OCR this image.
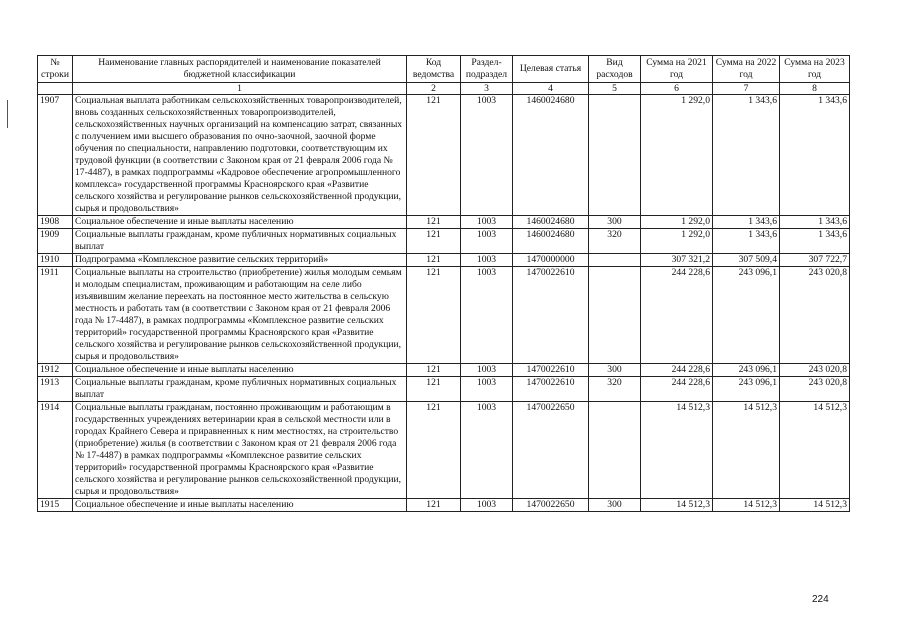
№ строки	Наименование главных распорядителей и наименование показателей бюджетной классификации	Код ведомства	Раздел-подраздел	Целевая статья	Вид расходов	Сумма на 2021 год	Сумма на 2022 год	Сумма на 2023 год
	1	2	3	4	5	6	7	8
1907	Социальная выплата работникам сельскохозяйственных товаропроизводителей, вновь созданных сельскохозяйственных товаропроизводителей, сельскохозяйственных научных организаций на компенсацию затрат, связанных с получением ими высшего образования по очно-заочной, заочной форме обучения по специальности, направлению подготовки, соответствующим их трудовой функции (в соответствии с Законом края от 21 февраля 2006 года № 17-4487), в рамках подпрограммы «Кадровое обеспечение агропромышленного комплекса» государственной программы Красноярского края «Развитие сельского хозяйства и регулирование рынков сельскохозяйственной продукции, сырья и продовольствия»	121	1003	1460024680		1 292,0	1 343,6	1 343,6
1908	Социальное обеспечение и иные выплаты населению	121	1003	1460024680	300	1 292,0	1 343,6	1 343,6
1909	Социальные выплаты гражданам, кроме публичных нормативных социальных выплат	121	1003	1460024680	320	1 292,0	1 343,6	1 343,6
1910	Подпрограмма «Комплексное развитие сельских территорий»	121	1003	1470000000		307 321,2	307 509,4	307 722,7
1911	Социальные выплаты на строительство (приобретение) жилья молодым семьям и молодым специалистам, проживающим и работающим на селе либо изъявившим желание переехать на постоянное место жительства в сельскую местность и работать там (в соответствии с Законом края от 21 февраля 2006 года № 17-4487), в рамках подпрограммы «Комплексное развитие сельских территорий» государственной программы Красноярского края «Развитие сельского хозяйства и регулирование рынков сельскохозяйственной продукции, сырья и продовольствия»	121	1003	1470022610		244 228,6	243 096,1	243 020,8
1912	Социальное обеспечение и иные выплаты населению	121	1003	1470022610	300	244 228,6	243 096,1	243 020,8
1913	Социальные выплаты гражданам, кроме публичных нормативных социальных выплат	121	1003	1470022610	320	244 228,6	243 096,1	243 020,8
1914	Социальные выплаты гражданам, постоянно проживающим и работающим в государственных учреждениях ветеринарии края в сельской местности или в городах Крайнего Севера и приравненных к ним местностях, на строительство (приобретение) жилья (в соответствии с Законом края от 21 февраля 2006 года № 17-4487) в рамках подпрограммы «Комплексное развитие сельских территорий» государственной программы Красноярского края «Развитие сельского хозяйства и регулирование рынков сельскохозяйственной продукции, сырья и продовольствия»	121	1003	1470022650		14 512,3	14 512,3	14 512,3
1915	Социальное обеспечение и иные выплаты населению	121	1003	1470022650	300	14 512,3	14 512,3	14 512,3
224
